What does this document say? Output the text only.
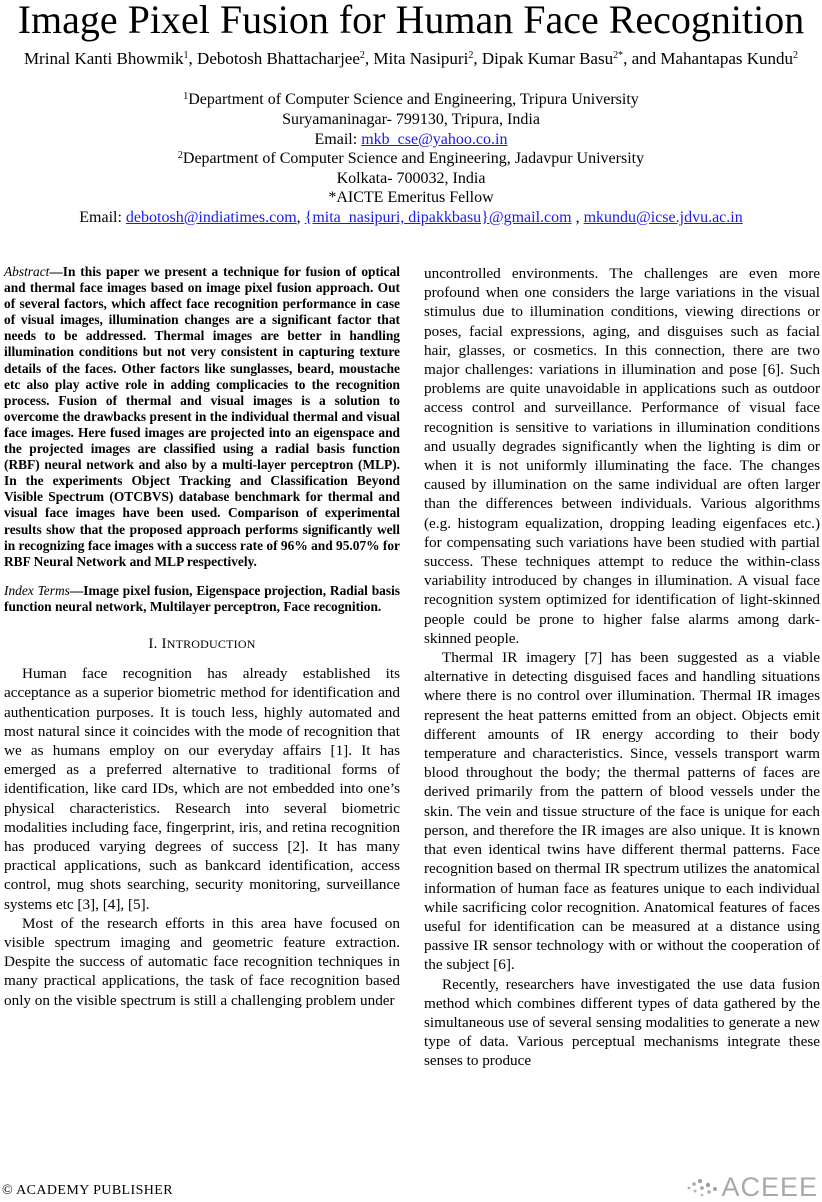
Image Pixel Fusion for Human Face Recognition
Mrinal Kanti Bhowmik$^1$, Debotosh Bhattacharjee$^2$, Mita Nasipuri$^2$, Dipak Kumar Basu$^{2*}$, and Mahantapas Kundu$^2$
$^1$Department of Computer Science and Engineering, Tripura University
Suryamaninagar- 799130, Tripura, India
Email: mkb_cse@yahoo.co.in
$^2$Department of Computer Science and Engineering, Jadavpur University
Kolkata- 700032, India
*AICTE Emeritus Fellow
Email: debotosh@indiatimes.com, {mita_nasipuri, dipakkbasu}@gmail.com , mkundu@icse.jdvu.ac.in

Abstract—In this paper we present a technique for fusion of optical and thermal face images based on image pixel fusion approach. Out of several factors, which affect face recognition performance in case of visual images, illumination changes are a significant factor that needs to be addressed. Thermal images are better in handling illumination conditions but not very consistent in capturing texture details of the faces. Other factors like sunglasses, beard, moustache etc also play active role in adding complicacies to the recognition process. Fusion of thermal and visual images is a solution to overcome the drawbacks present in the individual thermal and visual face images. Here fused images are projected into an eigenspace and the projected images are classified using a radial basis function (RBF) neural network and also by a multi-layer perceptron (MLP). In the experiments Object Tracking and Classification Beyond Visible Spectrum (OTCBVS) database benchmark for thermal and visual face images have been used. Comparison of experimental results show that the proposed approach performs significantly well in recognizing face images with a success rate of 96% and 95.07% for RBF Neural Network and MLP respectively.

Index Terms—Image pixel fusion, Eigenspace projection, Radial basis function neural network, Multilayer perceptron, Face recognition.

I. INTRODUCTION

Human face recognition has already established its acceptance as a superior biometric method for identification and authentication purposes. It is touch less, highly automated and most natural since it coincides with the mode of recognition that we as humans employ on our everyday affairs [1]. It has emerged as a preferred alternative to traditional forms of identification, like card IDs, which are not embedded into one’s physical characteristics. Research into several biometric modalities including face, fingerprint, iris, and retina recognition has produced varying degrees of success [2]. It has many practical applications, such as bankcard identification, access control, mug shots searching, security monitoring, surveillance systems etc [3], [4], [5].

Most of the research efforts in this area have focused on visible spectrum imaging and geometric feature extraction. Despite the success of automatic face recognition techniques in many practical applications, the task of face recognition based only on the visible spectrum is still a challenging problem under

uncontrolled environments. The challenges are even more profound when one considers the large variations in the visual stimulus due to illumination conditions, viewing directions or poses, facial expressions, aging, and disguises such as facial hair, glasses, or cosmetics. In this connection, there are two major challenges: variations in illumination and pose [6]. Such problems are quite unavoidable in applications such as outdoor access control and surveillance. Performance of visual face recognition is sensitive to variations in illumination conditions and usually degrades significantly when the lighting is dim or when it is not uniformly illuminating the face. The changes caused by illumination on the same individual are often larger than the differences between individuals. Various algorithms (e.g. histogram equalization, dropping leading eigenfaces etc.) for compensating such variations have been studied with partial success. These techniques attempt to reduce the within-class variability introduced by changes in illumination. A visual face recognition system optimized for identification of light-skinned people could be prone to higher false alarms among dark-skinned people.

Thermal IR imagery [7] has been suggested as a viable alternative in detecting disguised faces and handling situations where there is no control over illumination. Thermal IR images represent the heat patterns emitted from an object. Objects emit different amounts of IR energy according to their body temperature and characteristics. Since, vessels transport warm blood throughout the body; the thermal patterns of faces are derived primarily from the pattern of blood vessels under the skin. The vein and tissue structure of the face is unique for each person, and therefore the IR images are also unique. It is known that even identical twins have different thermal patterns. Face recognition based on thermal IR spectrum utilizes the anatomical information of human face as features unique to each individual while sacrificing color recognition. Anatomical features of faces useful for identification can be measured at a distance using passive IR sensor technology with or without the cooperation of the subject [6].

Recently, researchers have investigated the use data fusion method which combines different types of data gathered by the simultaneous use of several sensing modalities to generate a new type of data. Various perceptual mechanisms integrate these senses to produce

© ACADEMY PUBLISHER	ACEEE
